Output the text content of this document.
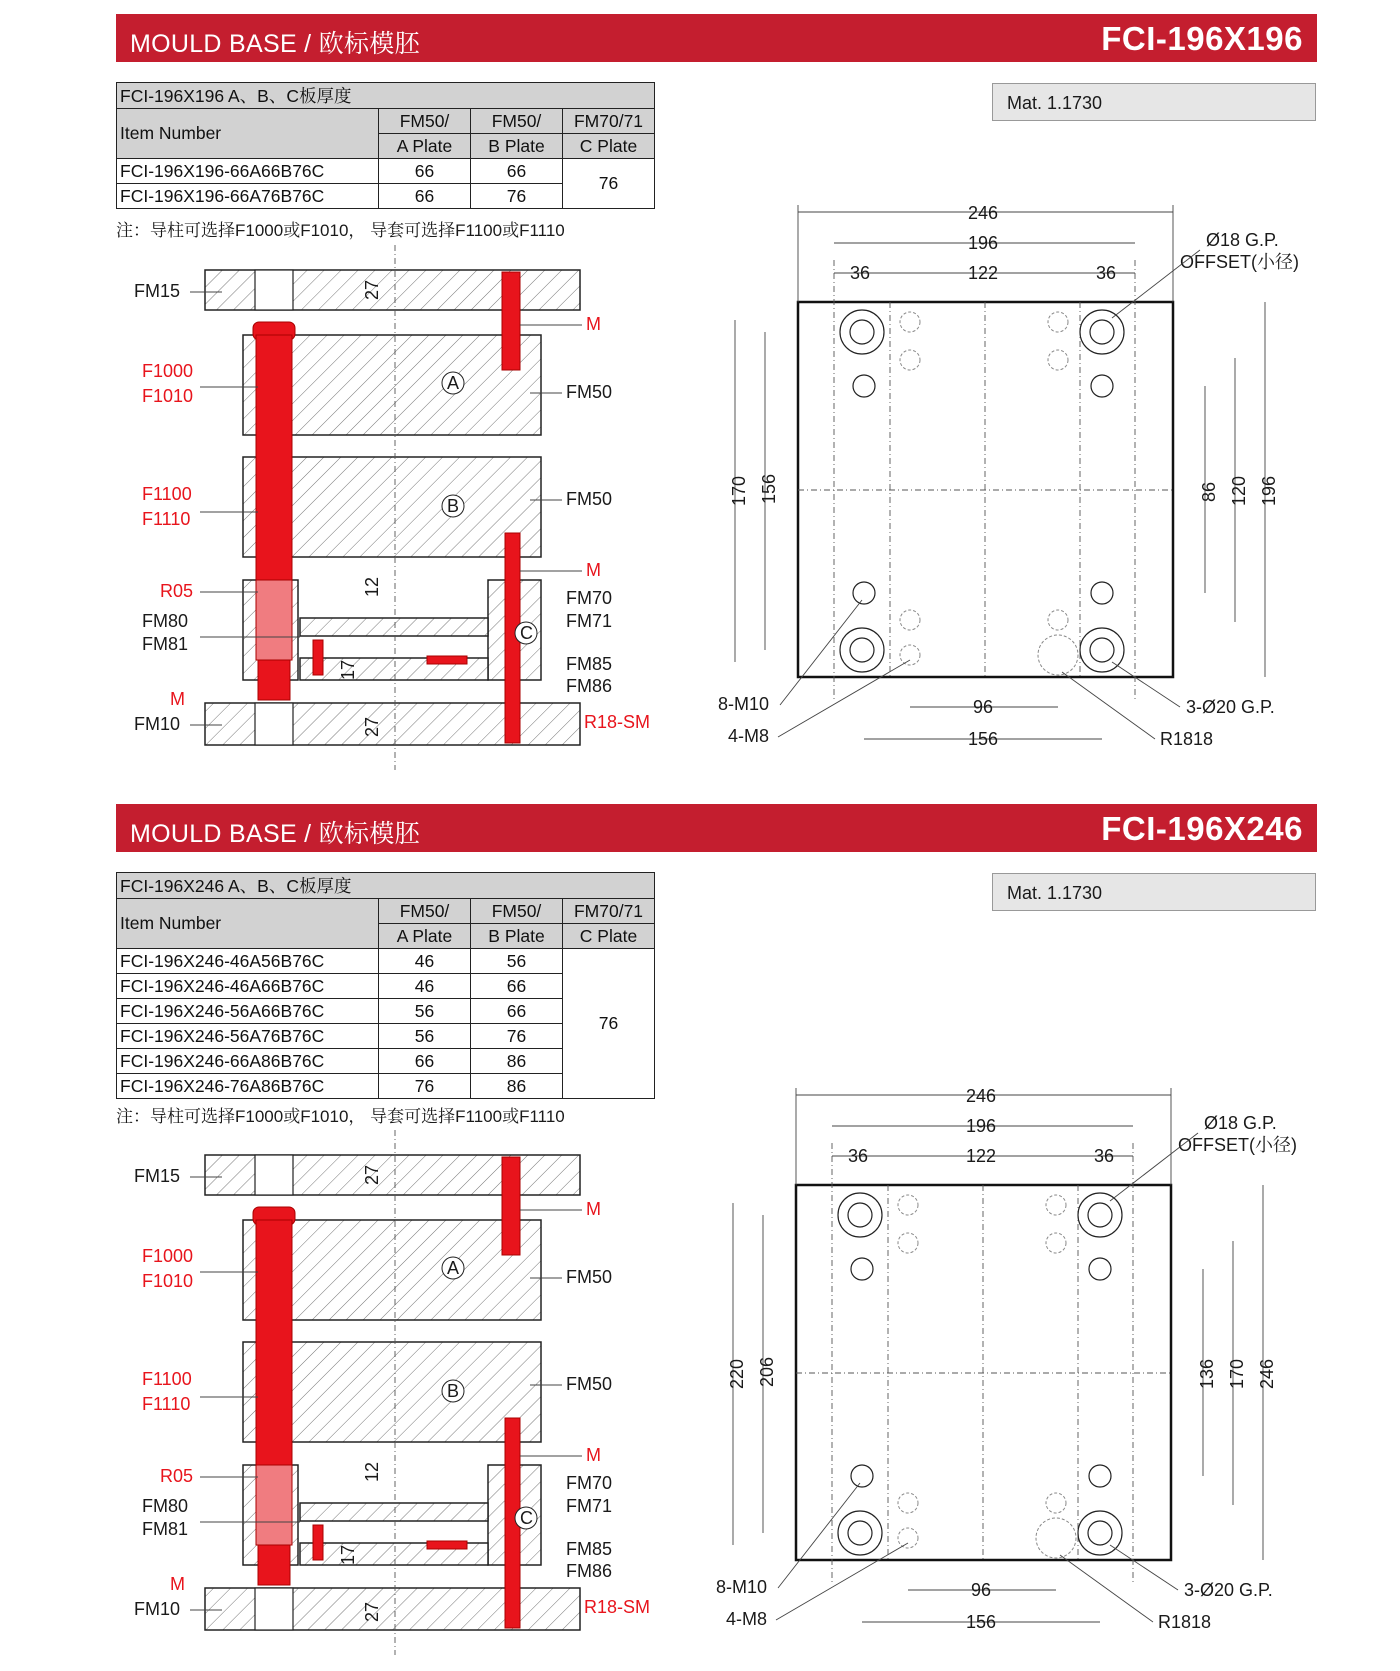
MOULD BASE / 欧标模胚	FCI-196X196
FCI-196X196 A、B、C板厚度			
Item Number	FM50/	FM50/	FM70/71
	A Plate	B Plate	C Plate
FCI-196X196-66A66B76C	66	66	76
FCI-196X196-66A76B76C	66	76	
注：导柱可选择F1000或F1010， 导套可选择F1100或F1110
Mat. 1.1730
A
B
C
FM15
F1000
F1010
F1100
F1110
R05
FM80
FM81
M
FM10
FM50
FM50
M
M
FM70
FM71
FM85
FM86
R18-SM
27
12
17
27
246
196
36	122	36
170 156	86 120 196
96
156
Ø18 G.P.
OFFSET(小径)
8-M10
4-M8
3-Ø20 G.P.
R1818
MOULD BASE / 欧标模胚	FCI-196X246
FCI-196X246 A、B、C板厚度			
Item Number	FM50/	FM50/	FM70/71
	A Plate	B Plate	C Plate
FCI-196X246-46A56B76C	46	56	76
FCI-196X246-46A66B76C	46	66	
FCI-196X246-56A66B76C	56	66	
FCI-196X246-56A76B76C	56	76	
FCI-196X246-66A86B76C	66	86	
FCI-196X246-76A86B76C	76	86	
注：导柱可选择F1000或F1010， 导套可选择F1100或F1110
Mat. 1.1730
A
B
C
FM15
F1000
F1010
F1100
F1110
R05
FM80
FM81
M
FM10
FM50
FM50
M
M
FM70
FM71
FM85
FM86
R18-SM
27
12
17
27
246
196
36	122	36
220 206	136 170 246
96
156
Ø18 G.P.
OFFSET(小径)
8-M10
4-M8
3-Ø20 G.P.
R1818
